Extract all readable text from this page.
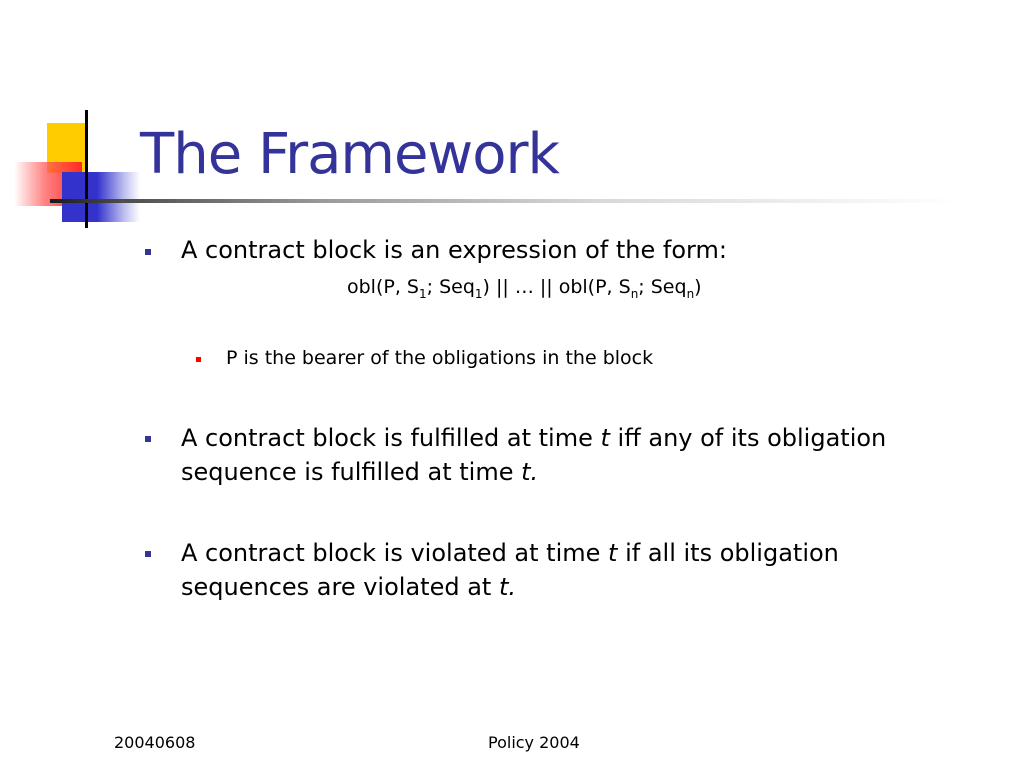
The Framework
A contract block is an expression of the form:
obl(P, $S_1$; Seq$_1$) || … || obl(P, $S_n$; Seq$_n$)
P is the bearer of the obligations in the block
A contract block is fulfilled at time t iff any of its obligation
sequence is fulfilled at time t.
A contract block is violated at time t if all its obligation
sequences are violated at t.
20040608	Policy 2004
